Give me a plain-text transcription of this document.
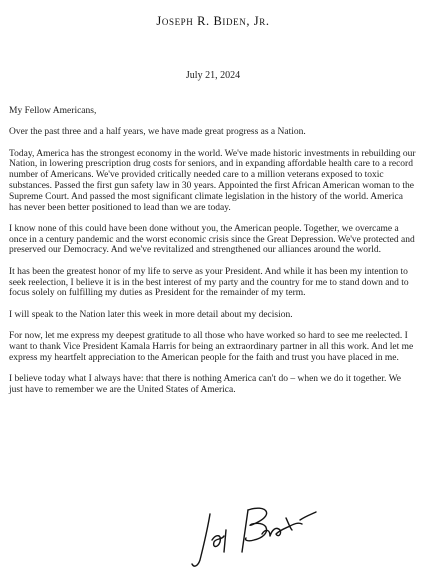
Joseph R. Biden, Jr.
July 21, 2024

My Fellow Americans,

Over the past three and a half years, we have made great progress as a Nation.

Today, America has the strongest economy in the world. We've made historic investments in rebuilding our Nation, in lowering prescription drug costs for seniors, and in expanding affordable health care to a record number of Americans. We've provided critically needed care to a million veterans exposed to toxic substances. Passed the first gun safety law in 30 years. Appointed the first African American woman to the Supreme Court. And passed the most significant climate legislation in the history of the world. America has never been better positioned to lead than we are today.

I know none of this could have been done without you, the American people. Together, we overcame a once in a century pandemic and the worst economic crisis since the Great Depression. We've protected and preserved our Democracy. And we've revitalized and strengthened our alliances around the world.

It has been the greatest honor of my life to serve as your President. And while it has been my intention to seek reelection, I believe it is in the best interest of my party and the country for me to stand down and to focus solely on fulfilling my duties as President for the remainder of my term.

I will speak to the Nation later this week in more detail about my decision.

For now, let me express my deepest gratitude to all those who have worked so hard to see me reelected. I want to thank Vice President Kamala Harris for being an extraordinary partner in all this work. And let me express my heartfelt appreciation to the American people for the faith and trust you have placed in me.

I believe today what I always have: that there is nothing America can't do – when we do it together. We just have to remember we are the United States of America.
